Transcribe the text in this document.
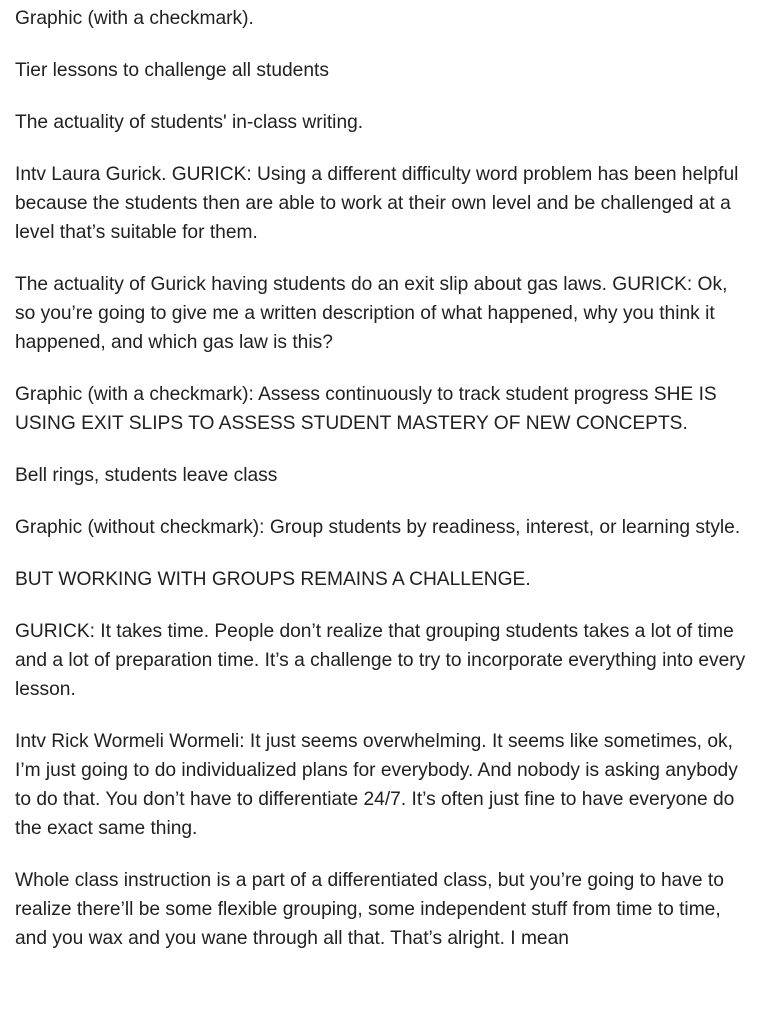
Graphic (with a checkmark).

Tier lessons to challenge all students

The actuality of students' in-class writing.

Intv Laura Gurick. GURICK: Using a different difficulty word problem has been helpful because the students then are able to work at their own level and be challenged at a level that’s suitable for them.

The actuality of Gurick having students do an exit slip about gas laws. GURICK: Ok, so you’re going to give me a written description of what happened, why you think it happened, and which gas law is this?

Graphic (with a checkmark): Assess continuously to track student progress SHE IS USING EXIT SLIPS TO ASSESS STUDENT MASTERY OF NEW CONCEPTS.

Bell rings, students leave class

Graphic (without checkmark): Group students by readiness, interest, or learning style.

BUT WORKING WITH GROUPS REMAINS A CHALLENGE.

GURICK: It takes time. People don’t realize that grouping students takes a lot of time and a lot of preparation time. It’s a challenge to try to incorporate everything into every lesson.

Intv Rick Wormeli Wormeli: It just seems overwhelming. It seems like sometimes, ok, I’m just going to do individualized plans for everybody. And nobody is asking anybody to do that. You don’t have to differentiate 24/7. It’s often just fine to have everyone do the exact same thing.

Whole class instruction is a part of a differentiated class, but you’re going to have to realize there’ll be some flexible grouping, some independent stuff from time to time, and you wax and you wane through all that. That’s alright. I mean
